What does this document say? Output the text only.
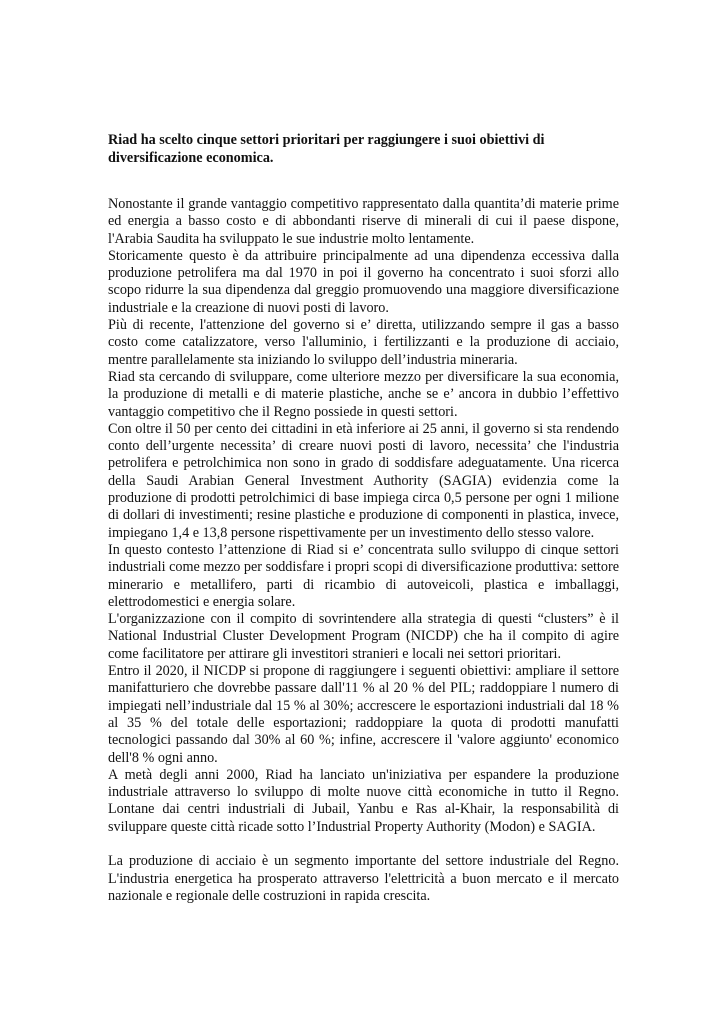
Riad ha scelto cinque settori prioritari per raggiungere i suoi obiettivi di diversificazione economica.

Nonostante il grande vantaggio competitivo rappresentato dalla quantita’di materie prime ed energia a basso costo e di abbondanti riserve di minerali di cui il paese dispone, l'Arabia Saudita ha sviluppato le sue industrie molto lentamente.

Storicamente questo è da attribuire principalmente ad una dipendenza eccessiva dalla produzione petrolifera ma dal 1970 in poi il governo ha concentrato i suoi sforzi allo scopo ridurre la sua dipendenza dal greggio promuovendo una maggiore diversificazione industriale e la creazione di nuovi posti di lavoro.

Più di recente, l'attenzione del governo si e’ diretta, utilizzando sempre il gas a basso costo come catalizzatore, verso l'alluminio, i fertilizzanti e la produzione di acciaio, mentre parallelamente sta iniziando lo sviluppo dell’industria mineraria.

Riad sta cercando di sviluppare, come ulteriore mezzo per diversificare la sua economia, la produzione di metalli e di materie plastiche, anche se e’ ancora in dubbio l’effettivo vantaggio competitivo che il Regno possiede in questi settori.

Con oltre il 50 per cento dei cittadini in età inferiore ai 25 anni, il governo si sta rendendo conto dell’urgente necessita’ di creare nuovi posti di lavoro, necessita’ che l'industria petrolifera e petrolchimica non sono in grado di soddisfare adeguatamente. Una ricerca della Saudi Arabian General Investment Authority (SAGIA) evidenzia come la produzione di prodotti petrolchimici di base impiega circa 0,5 persone per ogni 1 milione di dollari di investimenti; resine plastiche e produzione di componenti in plastica, invece, impiegano 1,4 e 13,8 persone rispettivamente per un investimento dello stesso valore.

In questo contesto l’attenzione di Riad si e’ concentrata sullo sviluppo di cinque settori industriali come mezzo per soddisfare i propri scopi di diversificazione produttiva: settore minerario e metallifero, parti di ricambio di autoveicoli, plastica e imballaggi, elettrodomestici e energia solare.

L'organizzazione con il compito di sovrintendere alla strategia di questi “clusters” è il National Industrial Cluster Development Program (NICDP) che ha il compito di agire come facilitatore per attirare gli investitori stranieri e locali nei settori prioritari.

Entro il 2020, il NICDP si propone di raggiungere i seguenti obiettivi: ampliare il settore manifatturiero che dovrebbe passare dall'11 % al 20 % del PIL; raddoppiare l numero di impiegati nell’industriale dal 15 % al 30%; accrescere le esportazioni industriali dal 18 % al 35 % del totale delle esportazioni; raddoppiare la quota di prodotti manufatti tecnologici passando dal 30% al 60 %; infine, accrescere il 'valore aggiunto' economico dell'8 % ogni anno.

A metà degli anni 2000, Riad ha lanciato un'iniziativa per espandere la produzione industriale attraverso lo sviluppo di molte nuove città economiche in tutto il Regno. Lontane dai centri industriali di Jubail, Yanbu e Ras al-Khair, la responsabilità di sviluppare queste città ricade sotto l’Industrial Property Authority (Modon) e SAGIA.

La produzione di acciaio è un segmento importante del settore industriale del Regno. L'industria energetica ha prosperato attraverso l'elettricità a buon mercato e il mercato nazionale e regionale delle costruzioni in rapida crescita.
